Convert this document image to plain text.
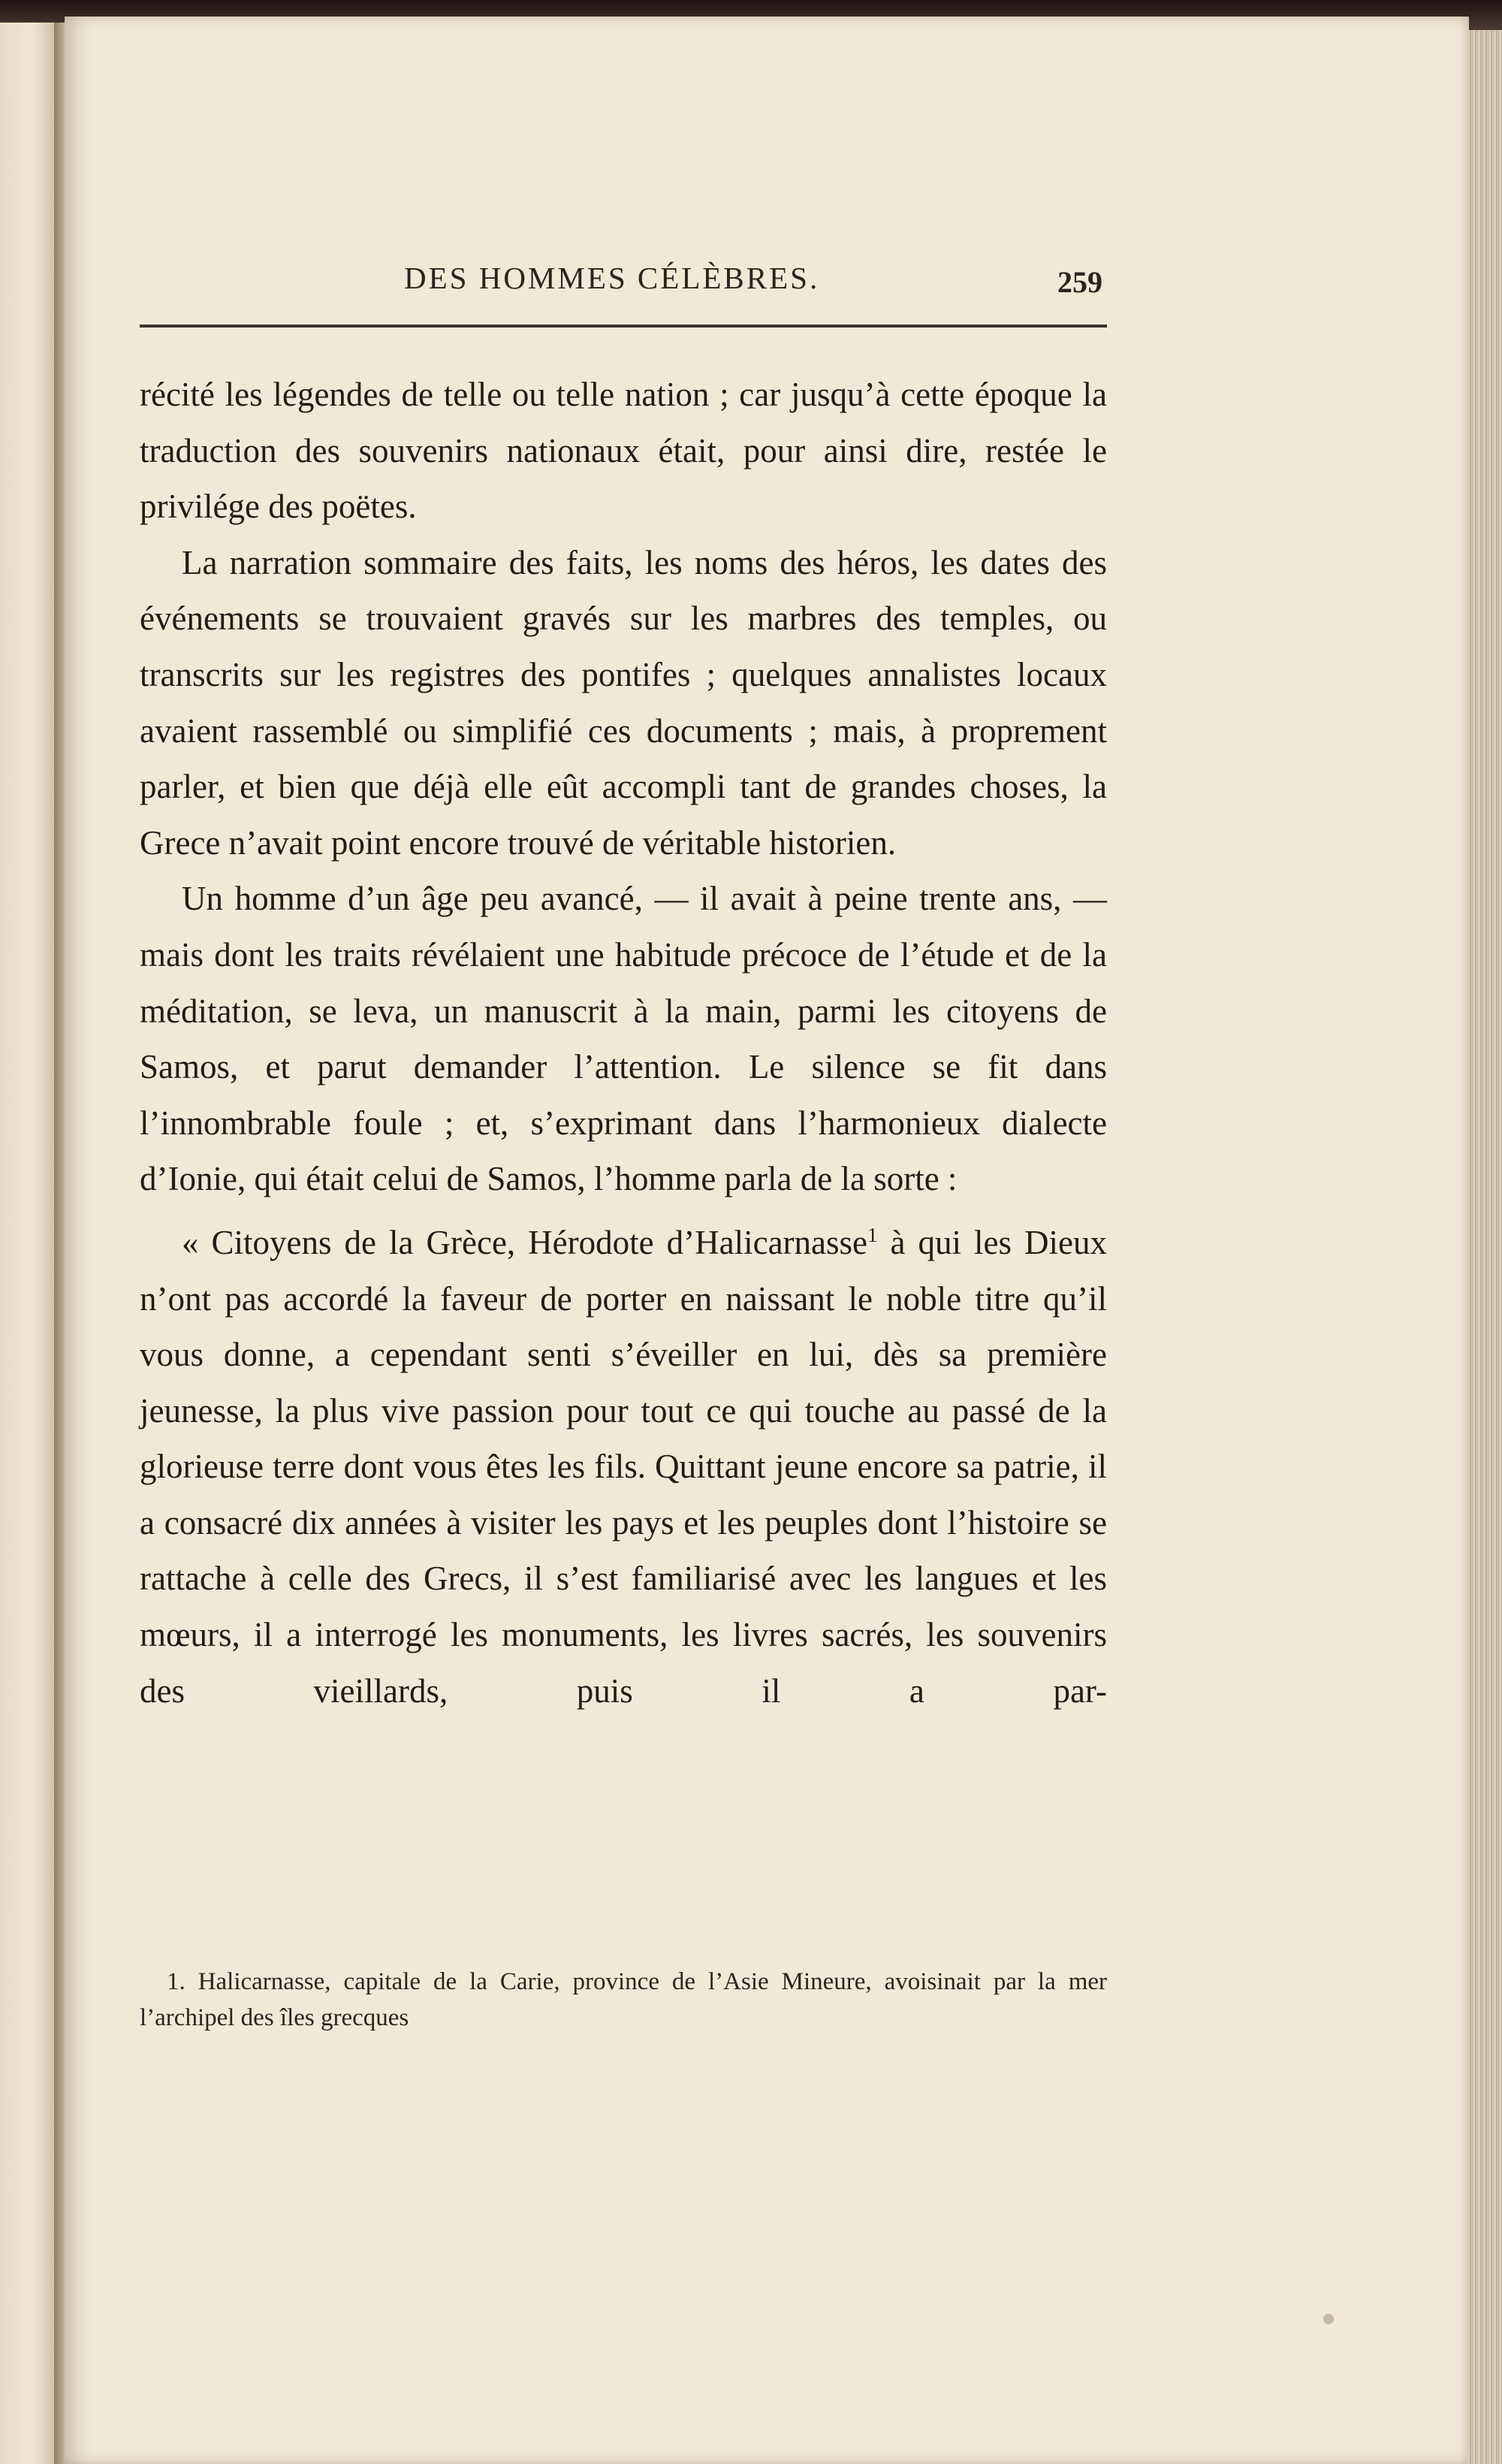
DES HOMMES CÉLÈBRES.	259

récité les légendes de telle ou telle nation ; car jusqu’à cette époque la traduction des souvenirs nationaux était, pour ainsi dire, restée le privilége des poëtes.

La narration sommaire des faits, les noms des héros, les dates des événements se trouvaient gravés sur les marbres des temples, ou transcrits sur les registres des pontifes ; quelques annalistes locaux avaient rassemblé ou simplifié ces documents ; mais, à proprement parler, et bien que déjà elle eût accompli tant de grandes choses, la Grece n’avait point encore trouvé de véritable historien.

Un homme d’un âge peu avancé, — il avait à peine trente ans, — mais dont les traits révélaient une habitude précoce de l’étude et de la méditation, se leva, un manuscrit à la main, parmi les citoyens de Samos, et parut demander l’attention. Le silence se fit dans l’innombrable foule ; et, s’exprimant dans l’harmonieux dialecte d’Ionie, qui était celui de Samos, l’homme parla de la sorte :

« Citoyens de la Grèce, Hérodote d’Halicarnasse$^1$ à qui les Dieux n’ont pas accordé la faveur de porter en naissant le noble titre qu’il vous donne, a cependant senti s’éveiller en lui, dès sa première jeunesse, la plus vive passion pour tout ce qui touche au passé de la glorieuse terre dont vous êtes les fils. Quittant jeune encore sa patrie, il a consacré dix années à visiter les pays et les peuples dont l’histoire se rattache à celle des Grecs, il s’est familiarisé avec les langues et les mœurs, il a interrogé les monuments, les livres sacrés, les souvenirs des vieillards, puis il a par-

1. Halicarnasse, capitale de la Carie, province de l’Asie Mineure, avoisinait par la mer l’archipel des îles grecques
